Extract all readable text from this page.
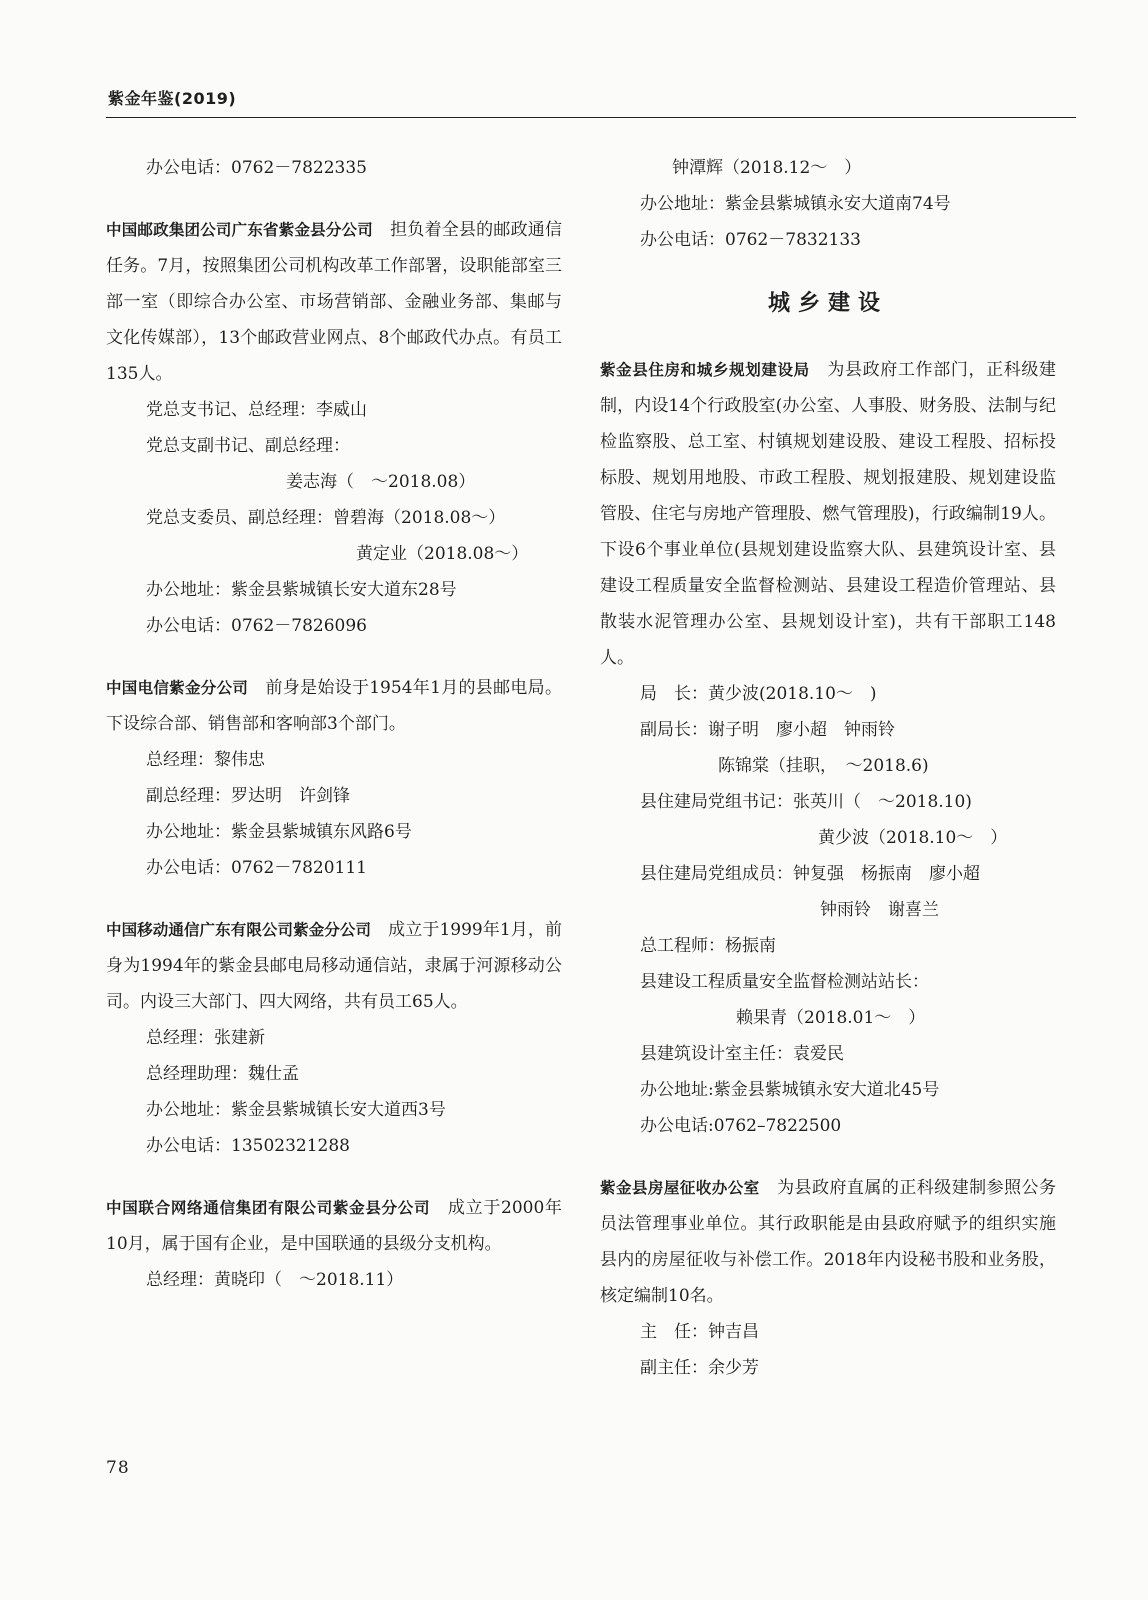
紫金年鉴(2019)

办公电话：0762－7822335

中国邮政集团公司广东省紫金县分公司　 担负着全县的邮政通信任务。7月，按照集团公司机构改革工作部署，设职能部室三部一室（即综合办公室、市场营销部、金融业务部、集邮与文化传媒部），13个邮政营业网点、8个邮政代办点。有员工135人。

党总支书记、总经理：李威山

党总支副书记、副总经理：

姜志海（　～2018.08）

党总支委员、副总经理：曾碧海（2018.08～）

黄定业（2018.08～）

办公地址：紫金县紫城镇长安大道东28号

办公电话：0762－7826096

中国电信紫金分公司　 前身是始设于1954年1月的县邮电局。下设综合部、销售部和客响部3个部门。

总经理：黎伟忠

副总经理：罗达明　许剑锋

办公地址：紫金县紫城镇东风路6号

办公电话：0762－7820111

中国移动通信广东有限公司紫金分公司　 成立于1999年1月，前身为1994年的紫金县邮电局移动通信站，隶属于河源移动公司。内设三大部门、四大网络，共有员工65人。

总经理：张建新

总经理助理：魏仕孟

办公地址：紫金县紫城镇长安大道西3号

办公电话：13502321288

中国联合网络通信集团有限公司紫金县分公司　 成立于2000年10月，属于国有企业，是中国联通的县级分支机构。

总经理：黄晓印（　～2018.11）

钟潭辉（2018.12～　）

办公地址：紫金县紫城镇永安大道南74号

办公电话：0762－7832133

城乡建设

紫金县住房和城乡规划建设局　 为县政府工作部门，正科级建制，内设14个行政股室(办公室、人事股、财务股、法制与纪检监察股、总工室、村镇规划建设股、建设工程股、招标投标股、规划用地股、市政工程股、规划报建股、规划建设监管股、住宅与房地产管理股、燃气管理股)，行政编制19人。下设6个事业单位(县规划建设监察大队、县建筑设计室、县建设工程质量安全监督检测站、县建设工程造价管理站、县散装水泥管理办公室、县规划设计室)，共有干部职工148人。

局　长：黄少波(2018.10～　)

副局长：谢子明　廖小超　钟雨铃

陈锦棠（挂职，　～2018.6)

县住建局党组书记：张英川（　～2018.10)

黄少波（2018.10～　）

县住建局党组成员：钟复强　杨振南　廖小超

钟雨铃　谢喜兰

总工程师：杨振南

县建设工程质量安全监督检测站站长：

赖果青（2018.01～　）

县建筑设计室主任：袁爱民

办公地址:紫金县紫城镇永安大道北45号

办公电话:0762–7822500

紫金县房屋征收办公室　 为县政府直属的正科级建制参照公务员法管理事业单位。其行政职能是由县政府赋予的组织实施县内的房屋征收与补偿工作。2018年内设秘书股和业务股，核定编制10名。

主　任：钟吉昌

副主任：余少芳

78
